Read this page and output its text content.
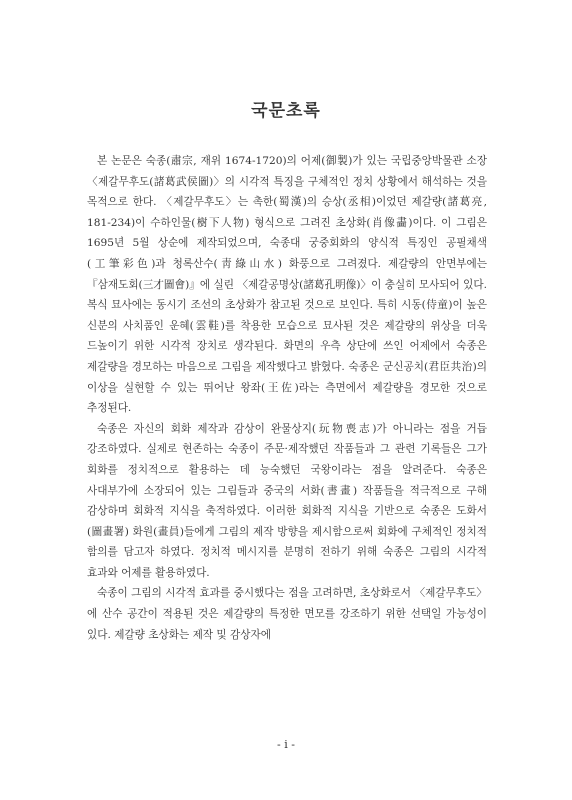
국문초록

본 논문은 숙종(肅宗, 재위 1674-1720)의 어제(御製)가 있는 국립중앙박물관 소장 〈제갈무후도(諸葛武侯圖)〉의 시각적 특징을 구체적인 정치 상황에서 해석하는 것을 목적으로 한다. 〈제갈무후도〉는 촉한(蜀漢)의 승상(丞相)이었던 제갈량(諸葛亮, 181-234)이 수하인물(樹下人物) 형식으로 그려진 초상화(肖像畵)이다. 이 그림은 1695년 5월 상순에 제작되었으며, 숙종대 궁중회화의 양식적 특징인 공필채색(工筆彩色)과 청록산수(靑綠山水) 화풍으로 그려졌다. 제갈량의 안면부에는 『삼재도회(三才圖會)』에 실린 〈제갈공명상(諸葛孔明像)〉이 충실히 모사되어 있다. 복식 묘사에는 동시기 조선의 초상화가 참고된 것으로 보인다. 특히 시동(侍童)이 높은 신분의 사치품인 운혜(雲鞋)를 착용한 모습으로 묘사된 것은 제갈량의 위상을 더욱 드높이기 위한 시각적 장치로 생각된다. 화면의 우측 상단에 쓰인 어제에서 숙종은 제갈량을 경모하는 마음으로 그림을 제작했다고 밝혔다. 숙종은 군신공치(君臣共治)의 이상을 실현할 수 있는 뛰어난 왕좌(王佐)라는 측면에서 제갈량을 경모한 것으로 추정된다.

숙종은 자신의 회화 제작과 감상이 완물상지(玩物喪志)가 아니라는 점을 거듭 강조하였다. 실제로 현존하는 숙종이 주문·제작했던 작품들과 그 관련 기록들은 그가 회화를 정치적으로 활용하는 데 능숙했던 국왕이라는 점을 알려준다. 숙종은 사대부가에 소장되어 있는 그림들과 중국의 서화(書畫) 작품들을 적극적으로 구해 감상하며 회화적 지식을 축적하였다. 이러한 회화적 지식을 기반으로 숙종은 도화서(圖畫署) 화원(畫員)들에게 그림의 제작 방향을 제시함으로써 회화에 구체적인 정치적 함의를 담고자 하였다. 정치적 메시지를 분명히 전하기 위해 숙종은 그림의 시각적 효과와 어제를 활용하였다.

숙종이 그림의 시각적 효과를 중시했다는 점을 고려하면, 초상화로서 〈제갈무후도〉에 산수 공간이 적용된 것은 제갈량의 특정한 면모를 강조하기 위한 선택일 가능성이 있다. 제갈량 초상화는 제작 및 감상자에

- i -
